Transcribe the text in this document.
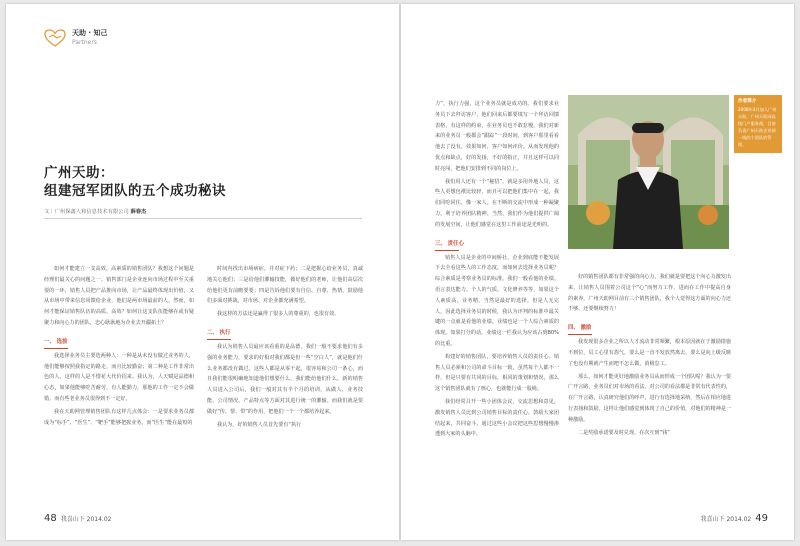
天助 · 知己
Partners
广州天助：
组建冠军团队的五个成功秘诀
文｜广州保鑫人和信息技术有限公司 薛春杰

如何才能建立一支高效、高素质的销售团队？我想这个问题是经理们最关心的问题之一。销售部门是企业连向市场过程中至关重要的一环，销售人员把产品推向市场，让产品最终体现出价值，又从市场中带来信息回馈给企业，他们是两市场最前的人。然而，如何才能保证销售队伍的高质、高效？如何让这支队伍能够在或有疑聚力和向心力的团队，忠心耿耿地为企业去开疆拓土？

一、 选拔

我选择业务员主要选两种人：一种是从未没有做过业务的人，他们能够按照我指定的路走，而且比较勤奋；第二种是工作非常出色的人，这样的人是不惜花大代价招来。我认为，人天赋是品德和心态，如果他能够吃苦耐劳，有人能勤力，那他的工作一定不会做错。而有些老业务员很得到不一定好。

我在天助网管理销售团队有这样几点体会：一是要求业务员都成为“标手”、“医生”、“靶手”能够把握业务。而“医生”能在最短的

时间内找出市场病症，并对症下药；二是把握心给业务员，真诚地关心他们；三是给他们灌输技能，做好他们的老师，让他们高层次给他们更有前瞻要要；四是告诉他们要有自信、自尊、热情，鼓励他们多面对挑战，对市场、对企业都充满希望。

我这样的方法还是赢得了很多人的尊重的，也很有效。

二、 执行

我认为销售人员最应该看重的是品德，我们一般不要求他们有多强的业务能力，要求的好相对我们都是但一些“空白人”，就是他们什么业务都没有做过。这些人都是从零干起，很容易和公司一条心，而且我们能很明确地知道他们想要什么，我们能给他们什么。新的销售人员进入公司后，我们一般对其有半个月的培训，从做人、业务技能、公司情况、产品特点等方面对其进行统一的灌输。而我们就是要做好“传、帮、带”的作用，把他们一个一个都培养起来。

我认为，好的销售人员首先要有“执行

48 我喜山下 2014.02

力”，执行力强，这个业务员就是成功的。我们要求业务员下去拜访客户，他们回来后都要填写一个拜访回馈表格，有这样的约束，在业务员也不敢怠慢。我们对新来的业务员一般都会“跟踪”一段时间，到客户那里看看他去了没有，效果如何，客户如何评价。从而发现他的优点和缺点，好的发扬，不好的指正，并且这样可以同时亮闯，把他们安排到不同的岗位上。

我们用人还有一个“秘招”，就是多用外地人员，这些人更想包袱比较轻，而且可以把他们集中在一起，我们同吃同住，像一家人。在不断的交流中形成一种凝聚力，利于培养团队精神。当然，我们作为他们提供广阔的发展空间，让他们感觉在这里工作前途是光明的。

三、 责任心

销售人员是企业的中间桥社，企业到底能不能发展下去全看这些人的工作态度，而如何去选择业务员呢？综合素质是考察业务员的标准。我们一般看他的业绩、语言表达能力、个人的气质、文化修养等等，如果这个人素质高，业务精，当然是最好的选择。但是人无完人，因此选择业务员的时候，我认为评判的标准中最关键的一点就是看他的业绩。业绩也是一个人综合素质的体现。如果打分的话，业绩这一栏我认为应该占到80%的比重。

构建好的销售团队，要培养销售人员的责任心。销售人员必须和公司的命斗目标一致，虽然每个人都不一样，但是只要有共同的目标，相同的策划和情况，那么这个销售团队就有了核心，也就能行成一股绳。

我们经常召开一些小团体会议，交流思想和意见，激发销售人员比到公司销售目标的责任心，鼓励大家团结起来，共同奋斗，通过这些小会议把这些思想慢慢渗透到大家的头脑中。

作者简介
2008年4月加入广州天助，广州天助网高级门户服务商，目前负责广州天助企业网一线的个团队的管理。

好的销售团队都有非常强的向心力，我们就是要把这个向心力激发出来，让销售人员围着公司这个“心”而努力工作，进而在工作中提高自身的素养。广州天助网目前有三个销售团队，我个人觉得这方面的向心力还不够，还要继续努力！

四、 激励

我发现很多企业之所以人才流动非常频繁，根本原因就在于激励措施不到位，员工心里有怨气，要么是一直不发放然离去，要么是向上级反映了也没有期就产生而吧不怎么做，消极怠工。

那么，如何才能更好地激励业务员从而形成一个团队呢？我认为一要广开言路，业务员们对市场的看法，对公司的看法都是非常有代表性的，在广开言路，认真研究他们的呼声，进行有选择地采纳，然后在相应地进行表扬和鼓励，这样让他们感觉到体现了自己的价值，对他们的精神是一种激励。

二是奖励承诺要及时兑现。在次互到“钱”

我喜山下 2014.02 49
